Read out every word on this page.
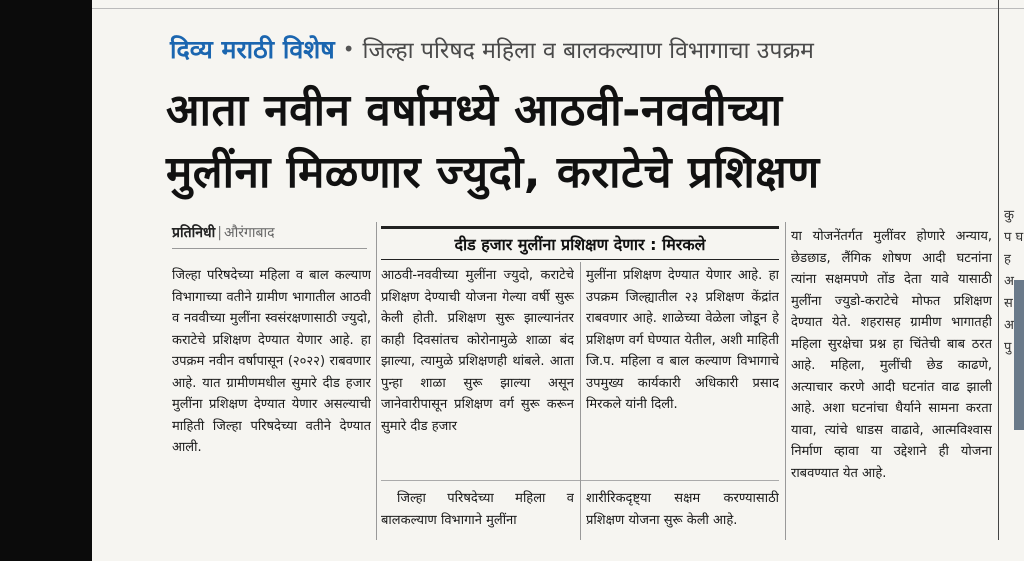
दिव्य मराठी विशेष • जिल्हा परिषद महिला व बालकल्याण विभागाचा उपक्रम
आता नवीन वर्षामध्ये आठवी-नववीच्या
मुलींना मिळणार ज्युदो, कराटेचे प्रशिक्षण
प्रतिनिधी | औरंगाबाद
दीड हजार मुलींना प्रशिक्षण देणार : मिरकले
जिल्हा परिषदेच्या महिला व बाल कल्याण विभागाच्या वतीने ग्रामीण भागातील आठवी व नववीच्या मुलींना स्वसंरक्षणासाठी ज्युदो, कराटेचे प्रशिक्षण देण्यात येणार आहे. हा उपक्रम नवीन वर्षापासून (२०२२) राबवणार आहे. यात ग्रामीणमधील सुमारे दीड हजार मुलींना प्रशिक्षण देण्यात येणार असल्याची माहिती जिल्हा परिषदेच्या वतीने देण्यात आली.
आठवी-नववीच्या मुलींना ज्युदो, कराटेचे प्रशिक्षण देण्याची योजना गेल्या वर्षी सुरू केली होती. प्रशिक्षण सुरू झाल्यानंतर काही दिवसांतच कोरोनामुळे शाळा बंद झाल्या, त्यामुळे प्रशिक्षणही थांबले. आता पुन्हा शाळा सुरू झाल्या असून जानेवारीपासून प्रशिक्षण वर्ग सुरू करून सुमारे दीड हजार
जिल्हा परिषदेच्या महिला व बालकल्याण विभागाने मुलींना
मुलींना प्रशिक्षण देण्यात येणार आहे. हा उपक्रम जिल्ह्यातील २३ प्रशिक्षण केंद्रांत राबवणार आहे. शाळेच्या वेळेला जोडून हे प्रशिक्षण वर्ग घेण्यात येतील, अशी माहिती जि.प. महिला व बाल कल्याण विभागाचे उपमुख्य कार्यकारी अधिकारी प्रसाद मिरकले यांनी दिली.
शारीरिकदृष्ट्या सक्षम करण्यासाठी प्रशिक्षण योजना सुरू केली आहे.
या योजनेंतर्गत मुलींवर होणारे अन्याय, छेडछाड, लैंगिक शोषण आदी घटनांना त्यांना सक्षमपणे तोंड देता यावे यासाठी मुलींना ज्युडो-कराटेचे मोफत प्रशिक्षण देण्यात येते. शहरासह ग्रामीण भागातही महिला सुरक्षेचा प्रश्न हा चिंतेची बाब ठरत आहे. महिला, मुलींची छेड काढणे, अत्याचार करणे आदी घटनांत वाढ झाली आहे. अशा घटनांचा धैर्याने सामना करता यावा, त्यांचे धाडस वाढावे, आत्मविश्वास निर्माण व्हावा या उद्देशाने ही योजना राबवण्यात येत आहे.
कु प घ ह अ स अ पु
